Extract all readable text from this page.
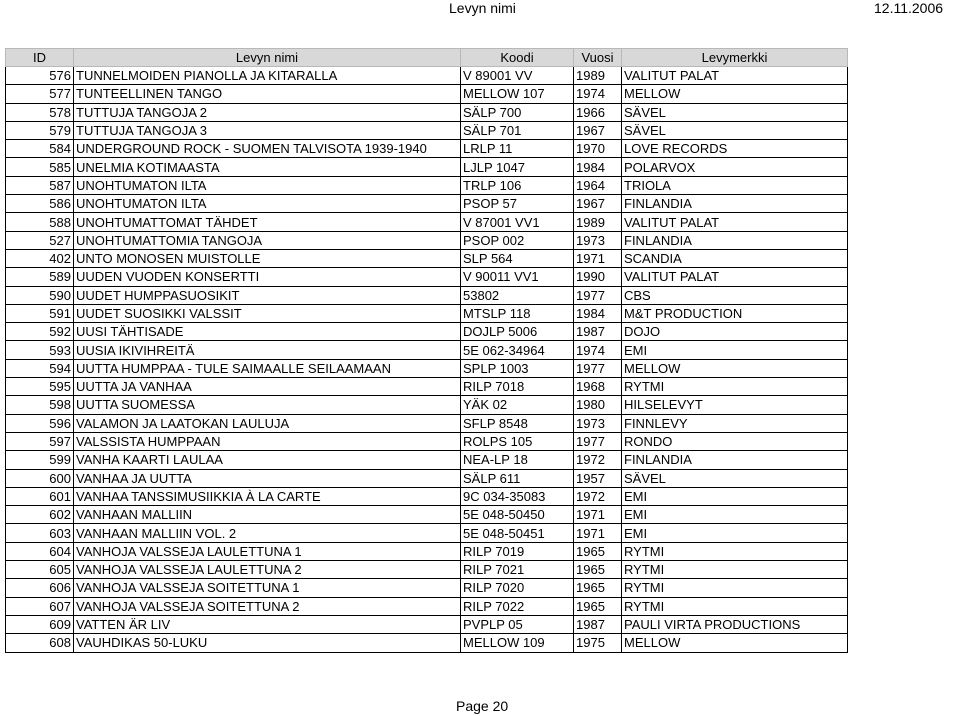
Levyn nimi	12.11.2006
ID	Levyn nimi	Koodi	Vuosi	Levymerkki
576	TUNNELMOIDEN PIANOLLA JA KITARALLA	V 89001 VV	1989	VALITUT PALAT
577	TUNTEELLINEN TANGO	MELLOW 107	1974	MELLOW
578	TUTTUJA TANGOJA 2	SÄLP 700	1966	SÄVEL
579	TUTTUJA TANGOJA 3	SÄLP 701	1967	SÄVEL
584	UNDERGROUND ROCK - SUOMEN TALVISOTA 1939-1940	LRLP 11	1970	LOVE RECORDS
585	UNELMIA KOTIMAASTA	LJLP 1047	1984	POLARVOX
587	UNOHTUMATON ILTA	TRLP 106	1964	TRIOLA
586	UNOHTUMATON ILTA	PSOP 57	1967	FINLANDIA
588	UNOHTUMATTOMAT TÄHDET	V 87001 VV1	1989	VALITUT PALAT
527	UNOHTUMATTOMIA TANGOJA	PSOP 002	1973	FINLANDIA
402	UNTO MONOSEN MUISTOLLE	SLP 564	1971	SCANDIA
589	UUDEN VUODEN KONSERTTI	V 90011 VV1	1990	VALITUT PALAT
590	UUDET HUMPPASUOSIKIT	53802	1977	CBS
591	UUDET SUOSIKKI VALSSIT	MTSLP 118	1984	M&T PRODUCTION
592	UUSI TÄHTISADE	DOJLP 5006	1987	DOJO
593	UUSIA IKIVIHREITÄ	5E 062-34964	1974	EMI
594	UUTTA HUMPPAA - TULE SAIMAALLE SEILAAMAAN	SPLP 1003	1977	MELLOW
595	UUTTA JA VANHAA	RILP 7018	1968	RYTMI
598	UUTTA SUOMESSA	YÄK 02	1980	HILSELEVYT
596	VALAMON JA LAATOKAN LAULUJA	SFLP 8548	1973	FINNLEVY
597	VALSSISTA HUMPPAAN	ROLPS 105	1977	RONDO
599	VANHA KAARTI LAULAA	NEA-LP 18	1972	FINLANDIA
600	VANHAA JA UUTTA	SÄLP 611	1957	SÄVEL
601	VANHAA TANSSIMUSIIKKIA À LA CARTE	9C 034-35083	1972	EMI
602	VANHAAN MALLIIN	5E 048-50450	1971	EMI
603	VANHAAN MALLIIN VOL. 2	5E 048-50451	1971	EMI
604	VANHOJA VALSSEJA LAULETTUNA 1	RILP 7019	1965	RYTMI
605	VANHOJA VALSSEJA LAULETTUNA 2	RILP 7021	1965	RYTMI
606	VANHOJA VALSSEJA SOITETTUNA 1	RILP 7020	1965	RYTMI
607	VANHOJA VALSSEJA SOITETTUNA 2	RILP 7022	1965	RYTMI
609	VATTEN ÄR LIV	PVPLP 05	1987	PAULI VIRTA PRODUCTIONS
608	VAUHDIKAS 50-LUKU	MELLOW 109	1975	MELLOW
Page 20
